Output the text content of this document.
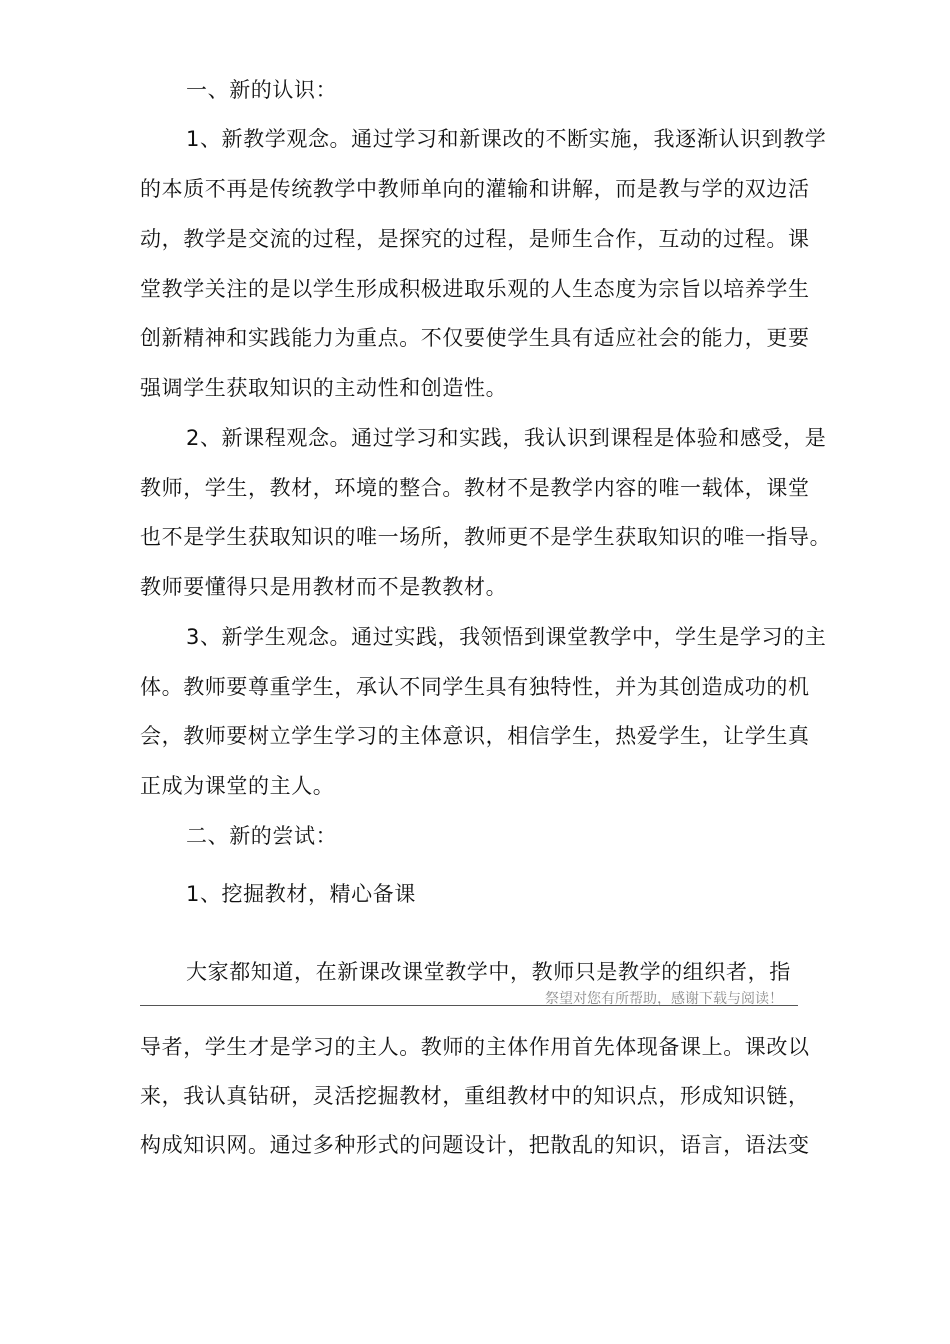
一、新的认识：
1、新教学观念。通过学习和新课改的不断实施，我逐渐认识到教学
的本质不再是传统教学中教师单向的灌输和讲解，而是教与学的双边活
动，教学是交流的过程，是探究的过程，是师生合作，互动的过程。课
堂教学关注的是以学生形成积极进取乐观的人生态度为宗旨以培养学生
创新精神和实践能力为重点。不仅要使学生具有适应社会的能力，更要
强调学生获取知识的主动性和创造性。
2、新课程观念。通过学习和实践，我认识到课程是体验和感受，是
教师，学生，教材，环境的整合。教材不是教学内容的唯一载体，课堂
也不是学生获取知识的唯一场所，教师更不是学生获取知识的唯一指导。
教师要懂得只是用教材而不是教教材。
3、新学生观念。通过实践，我领悟到课堂教学中，学生是学习的主
体。教师要尊重学生，承认不同学生具有独特性，并为其创造成功的机
会，教师要树立学生学习的主体意识，相信学生，热爱学生，让学生真
正成为课堂的主人。
二、新的尝试：
1、挖掘教材，精心备课
大家都知道，在新课改课堂教学中，教师只是教学的组织者，指
祭望对您有所帮助，感谢下载与阅读！
导者，学生才是学习的主人。教师的主体作用首先体现备课上。课改以
来，我认真钻研，灵活挖掘教材，重组教材中的知识点，形成知识链，
构成知识网。通过多种形式的问题设计，把散乱的知识，语言，语法变
